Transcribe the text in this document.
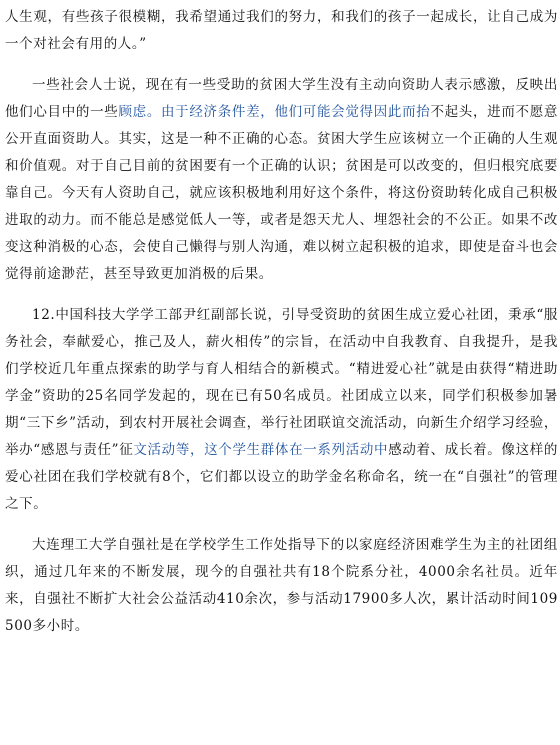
人生观，有些孩子很模糊，我希望通过我们的努力，和我们的孩子一起成长，让自己成为一个对社会有用的人。”

一些社会人士说，现在有一些受助的贫困大学生没有主动向资助人表示感激，反映出他们心目中的一些顾虑。由于经济条件差，他们可能会觉得因此而抬不起头，进而不愿意公开直面资助人。其实，这是一种不正确的心态。贫困大学生应该树立一个正确的人生观和价值观。对于自己目前的贫困要有一个正确的认识；贫困是可以改变的，但归根究底要靠自己。今天有人资助自己，就应该积极地利用好这个条件，将这份资助转化成自己积极进取的动力。而不能总是感觉低人一等，或者是怨天尤人、埋怨社会的不公正。如果不改变这种消极的心态，会使自己懒得与别人沟通，难以树立起积极的追求，即使是奋斗也会觉得前途渺茫，甚至导致更加消极的后果。

12.中国科技大学学工部尹红副部长说，引导受资助的贫困生成立爱心社团，秉承“服务社会，奉献爱心，推己及人，薪火相传”的宗旨，在活动中自我教育、自我提升，是我们学校近几年重点探索的助学与育人相结合的新模式。“精进爱心社”就是由获得“精进助学金”资助的25名同学发起的，现在已有50名成员。社团成立以来，同学们积极参加暑期“三下乡”活动，到农村开展社会调查，举行社团联谊交流活动，向新生介绍学习经验，举办“感恩与责任”征文活动等，这个学生群体在一系列活动中感动着、成长着。像这样的爱心社团在我们学校就有8个，它们都以设立的助学金名称命名，统一在“自强社”的管理之下。

大连理工大学自强社是在学校学生工作处指导下的以家庭经济困难学生为主的社团组织，通过几年来的不断发展，现今的自强社共有18个院系分社，4000余名社员。近年来，自强社不断扩大社会公益活动410余次，参与活动17900多人次，累计活动时间109500多小时。
